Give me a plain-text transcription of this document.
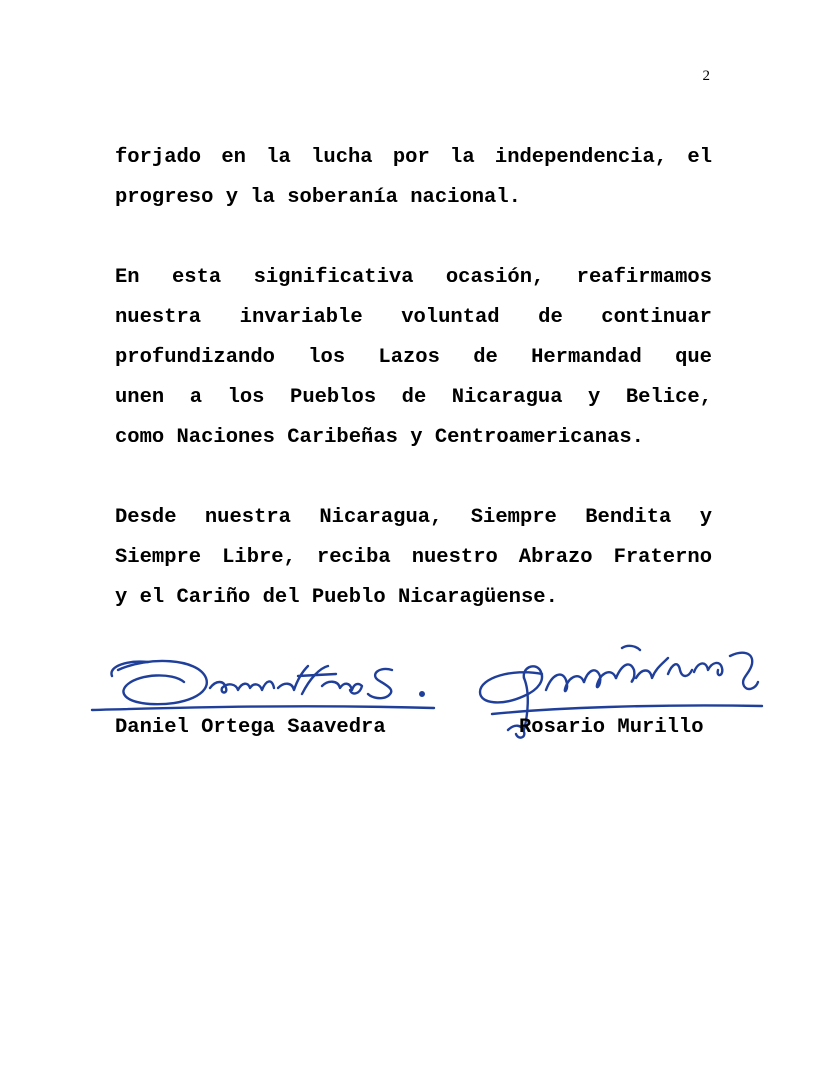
2
forjado en la lucha por la independencia, el
progreso y la soberanía nacional.
En esta significativa ocasión, reafirmamos
nuestra invariable voluntad de continuar
profundizando los Lazos de Hermandad que
unen a los Pueblos de Nicaragua y Belice,
como Naciones Caribeñas y Centroamericanas.
Desde nuestra Nicaragua, Siempre Bendita y
Siempre Libre, reciba nuestro Abrazo Fraterno
y el Cariño del Pueblo Nicaragüense.
Daniel Ortega Saavedra	Rosario Murillo
